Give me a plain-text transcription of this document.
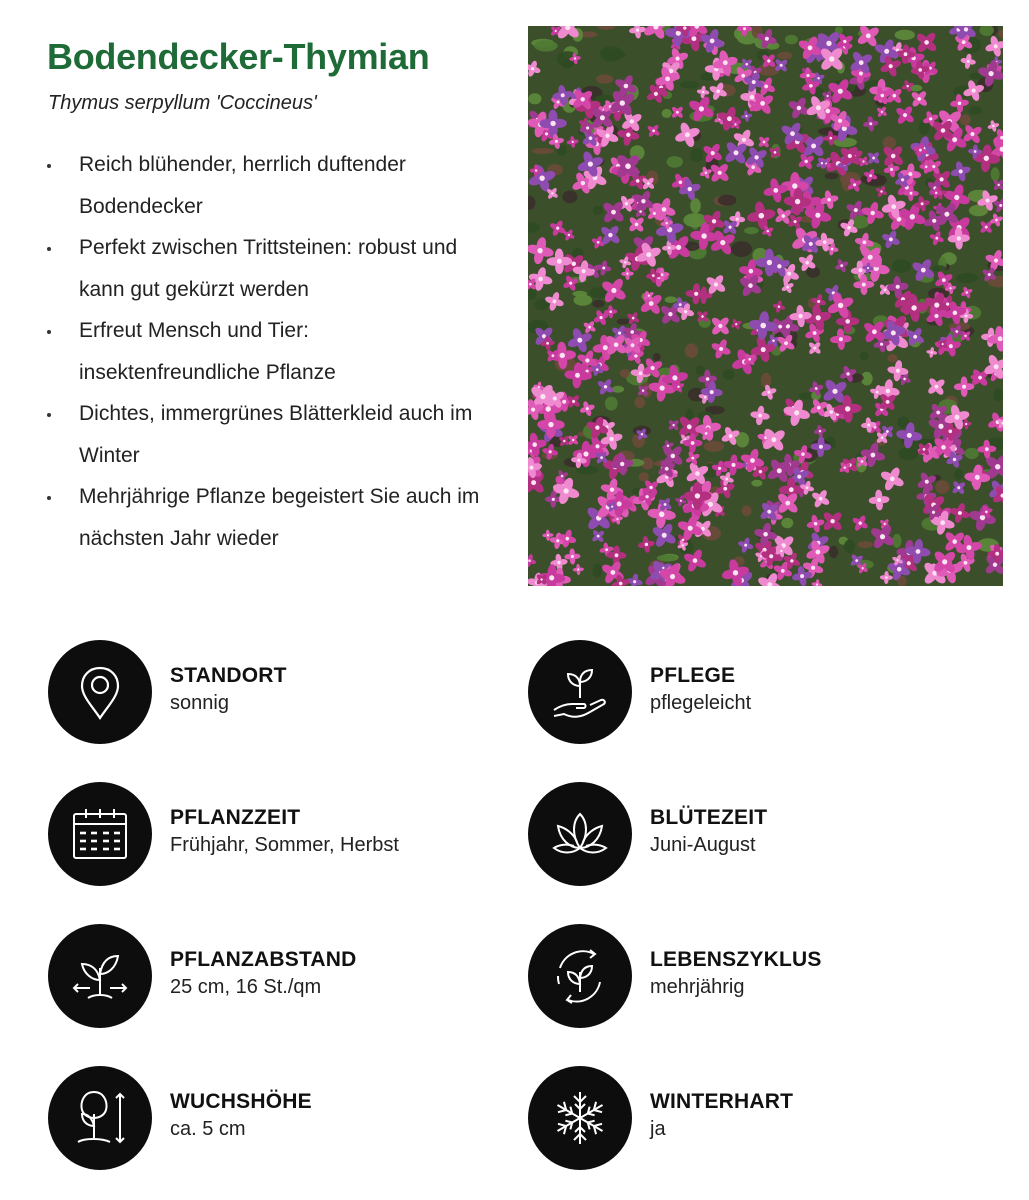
Bodendecker-Thymian
Thymus serpyllum 'Coccineus'
Reich blühender, herrlich duftender Bodendecker
Perfekt zwischen Trittsteinen: robust und kann gut gekürzt werden
Erfreut Mensch und Tier: insektenfreundliche Pflanze
Dichtes, immergrünes Blätterkleid auch im Winter
Mehrjährige Pflanze begeistert Sie auch im nächsten Jahr wieder
STANDORT
sonnig
PFLEGE
pflegeleicht
PFLANZZEIT
Frühjahr, Sommer, Herbst
BLÜTEZEIT
Juni-August
PFLANZABSTAND
25 cm, 16 St./qm
LEBENSZYKLUS
mehrjährig
WUCHSHÖHE
ca. 5 cm
WINTERHART
ja
